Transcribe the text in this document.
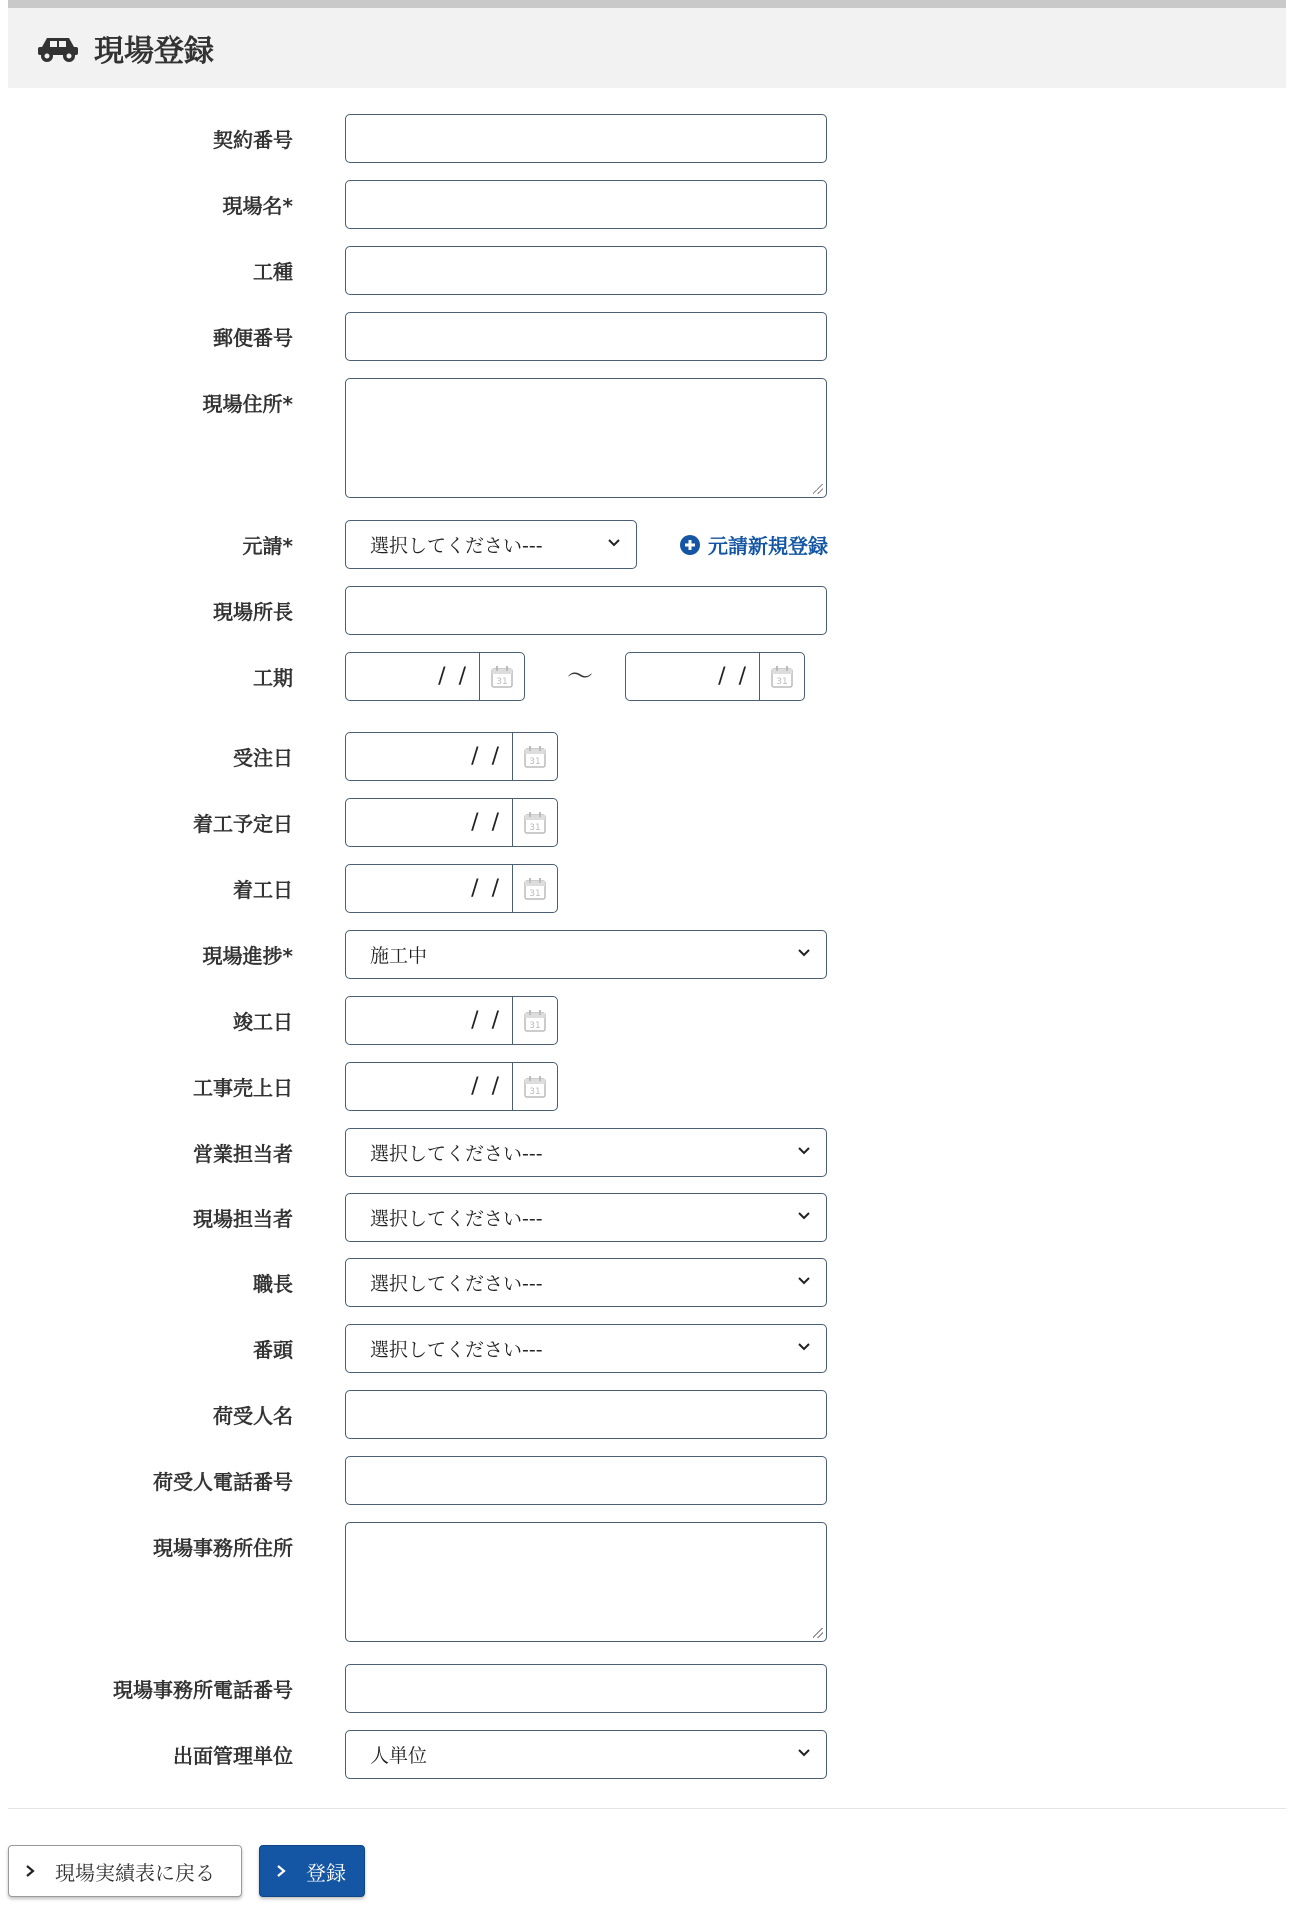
現場登録
契約番号
現場名*
工種
郵便番号
現場住所*
元請*	選択してください---	元請新規登録
現場所長
工期	/ /	31 〜	/ /	31
受注日	/ /	31
着工予定日	/ /	31
着工日	/ /	31
現場進捗*	施工中
竣工日	/ /	31
工事売上日	/ /	31
営業担当者	選択してください---
現場担当者	選択してください---
職長	選択してください---
番頭	選択してください---
荷受人名
荷受人電話番号
現場事務所住所
現場事務所電話番号
出面管理単位	人単位
現場実績表に戻る	登録
